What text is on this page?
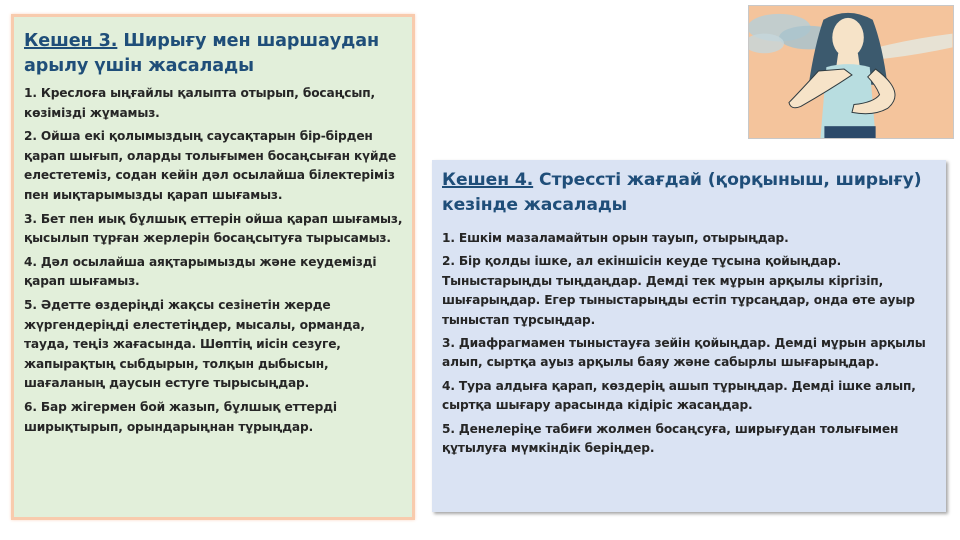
Кешен 3. Ширығу мен шаршаудан арылу үшін жасалады

1. Креслоға ыңғайлы қалыпта отырып, босаңсып, көзімізді жұмамыз.

2. Ойша екі қолымыздың саусақтарын бір-бірден қарап шығып, оларды толығымен босаңсыған күйде елестетеміз, содан кейін дәл осылайша білектеріміз пен иықтарымызды қарап шығамыз.

3. Бет пен иық бұлшық еттерін ойша қарап шығамыз, қысылып тұрған жерлерін босаңсытуға тырысамыз.

4. Дәл осылайша аяқтарымызды және кеудемізді қарап шығамыз.

5. Әдетте өздеріңді жақсы сезінетін жерде жүргендеріңді елестетіңдер, мысалы, орманда, тауда, теңіз жағасында. Шөптің иісін сезуге, жапырақтың сыбдырын, толқын дыбысын, шағаланың даусын естуге тырысыңдар.

6. Бар жігермен бой жазып, бұлшық еттерді ширықтырып, орындарыңнан тұрыңдар.

Кешен 4. Стрессті жағдай (қорқыныш, ширығу) кезінде жасалады

1. Ешкім мазаламайтын орын тауып, отырыңдар.

2. Бір қолды ішке, ал екіншісін кеуде тұсына қойыңдар. Тыныстарыңды тыңдаңдар. Демді тек мұрын арқылы кіргізіп, шығарыңдар. Егер тыныстарыңды естіп тұрсаңдар, онда өте ауыр тыныстап тұрсыңдар.

3. Диафрагмамен тыныстауға зейін қойыңдар. Демді мұрын арқылы алып, сыртқа ауыз арқылы баяу және сабырлы шығарыңдар.

4. Тура алдыға қарап, көздерің ашып тұрыңдар. Демді ішке алып, сыртқа шығару арасында кідіріс жасаңдар.

5. Денелеріңе табиғи жолмен босаңсуға, ширығудан толығымен құтылуға мүмкіндік беріңдер.
